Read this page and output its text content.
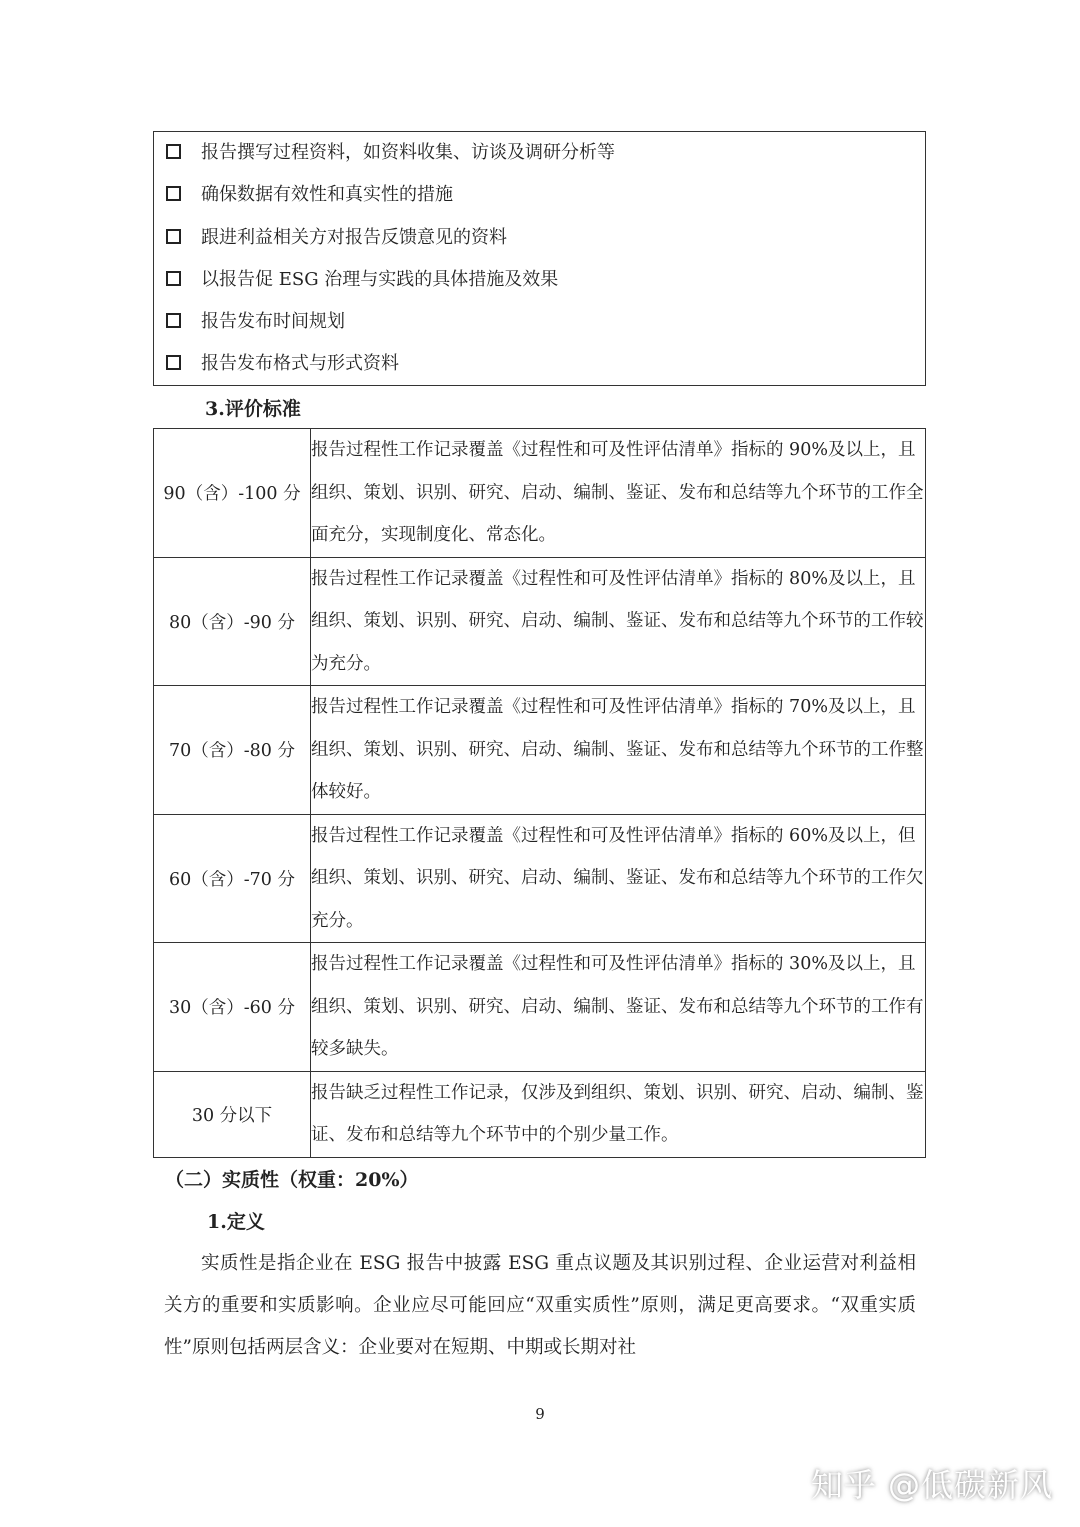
报告撰写过程资料，如资料收集、访谈及调研分析等
确保数据有效性和真实性的措施
跟进利益相关方对报告反馈意见的资料
以报告促 ESG 治理与实践的具体措施及效果
报告发布时间规划
报告发布格式与形式资料
3.评价标准
90（含）-100 分	报告过程性工作记录覆盖《过程性和可及性评估清单》指标的 90%及以上，且组织、策划、识别、研究、启动、编制、鉴证、发布和总结等九个环节的工作全面充分，实现制度化、常态化。
80（含）-90 分	报告过程性工作记录覆盖《过程性和可及性评估清单》指标的 80%及以上，且组织、策划、识别、研究、启动、编制、鉴证、发布和总结等九个环节的工作较为充分。
70（含）-80 分	报告过程性工作记录覆盖《过程性和可及性评估清单》指标的 70%及以上，且组织、策划、识别、研究、启动、编制、鉴证、发布和总结等九个环节的工作整体较好。
60（含）-70 分	报告过程性工作记录覆盖《过程性和可及性评估清单》指标的 60%及以上，但组织、策划、识别、研究、启动、编制、鉴证、发布和总结等九个环节的工作欠充分。
30（含）-60 分	报告过程性工作记录覆盖《过程性和可及性评估清单》指标的 30%及以上，且组织、策划、识别、研究、启动、编制、鉴证、发布和总结等九个环节的工作有较多缺失。
30 分以下	报告缺乏过程性工作记录，仅涉及到组织、策划、识别、研究、启动、编制、鉴证、发布和总结等九个环节中的个别少量工作。
（二）实质性（权重：20%）
1.定义
实质性是指企业在 ESG 报告中披露 ESG 重点议题及其识别过程、企业运营对利益相关方的重要和实质影响。企业应尽可能回应“双重实质性”原则，满足更高要求。“双重实质性”原则包括两层含义：企业要对在短期、中期或长期对社
9
知乎 @低碳新风
